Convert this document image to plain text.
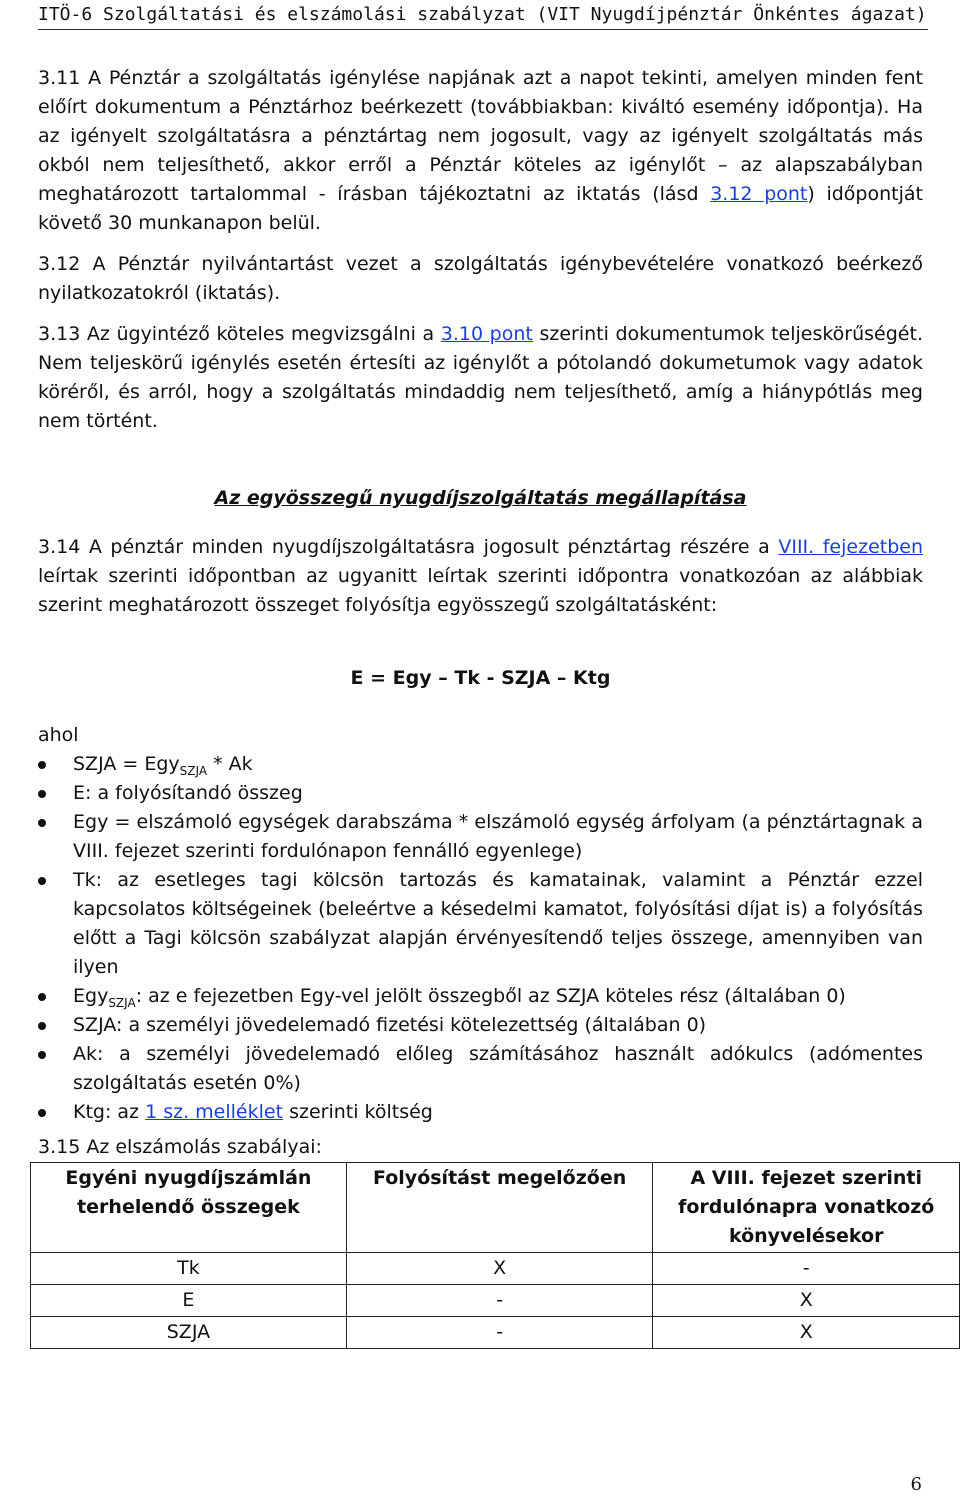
ITÖ-6 Szolgáltatási és elszámolási szabályzat (VIT Nyugdíjpénztár Önkéntes ágazat)

3.11 A Pénztár a szolgáltatás igénylése napjának azt a napot tekinti, amelyen minden fent előírt dokumentum a Pénztárhoz beérkezett (továbbiakban: kiváltó esemény időpontja). Ha az igényelt szolgáltatásra a pénztártag nem jogosult, vagy az igényelt szolgáltatás más okból nem teljesíthető, akkor erről a Pénztár köteles az igénylőt – az alapszabályban meghatározott tartalommal - írásban tájékoztatni az iktatás (lásd 3.12 pont) időpontját követő 30 munkanapon belül.

3.12 A Pénztár nyilvántartást vezet a szolgáltatás igénybevételére vonatkozó beérkező nyilatkozatokról (iktatás).

3.13 Az ügyintéző köteles megvizsgálni a 3.10 pont szerinti dokumentumok teljeskörűségét. Nem teljeskörű igénylés esetén értesíti az igénylőt a pótolandó dokumetumok vagy adatok köréről, és arról, hogy a szolgáltatás mindaddig nem teljesíthető, amíg a hiánypótlás meg nem történt.

Az egyösszegű nyugdíjszolgáltatás megállapítása

3.14 A pénztár minden nyugdíjszolgáltatásra jogosult pénztártag részére a VIII. fejezetben leírtak szerinti időpontban az ugyanitt leírtak szerinti időpontra vonatkozóan az alábbiak szerint meghatározott összeget folyósítja egyösszegű szolgáltatásként:

E = Egy – Tk - SZJA – Ktg
ahol
SZJA = Egy$_{SZJA}$ * Ak
E: a folyósítandó összeg
Egy = elszámoló egységek darabszáma * elszámoló egység árfolyam (a pénztártagnak a VIII. fejezet szerinti fordulónapon fennálló egyenlege)
Tk: az esetleges tagi kölcsön tartozás és kamatainak, valamint a Pénztár ezzel kapcsolatos költségeinek (beleértve a késedelmi kamatot, folyósítási díjat is) a folyósítás előtt a Tagi kölcsön szabályzat alapján érvényesítendő teljes összege, amennyiben van ilyen
Egy$_{SZJA}$: az e fejezetben Egy-vel jelölt összegből az SZJA köteles rész (általában 0)
SZJA: a személyi jövedelemadó fizetési kötelezettség (általában 0)
Ak: a személyi jövedelemadó előleg számításához használt adókulcs (adómentes szolgáltatás esetén 0%)
Ktg: az 1 sz. melléklet szerinti költség

3.15 Az elszámolás szabályai:

Egyéni nyugdíjszámlán terhelendő összegek	Folyósítást megelőzően	A VIII. fejezet szerinti fordulónapra vonatkozó könyvelésekor
Tk	X	-
E	-	X
SZJA	-	X
6
